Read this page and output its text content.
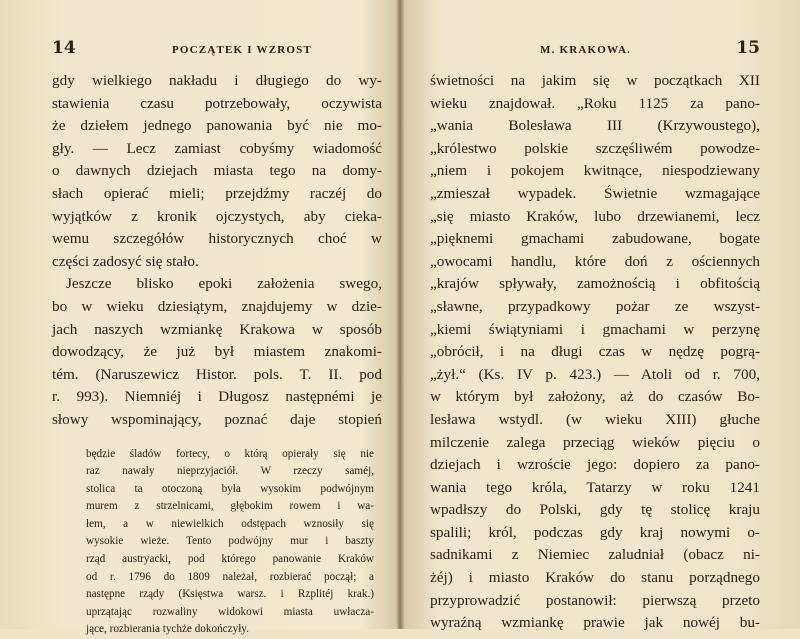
14	POCZĄTEK I WZROST
gdy wielkiego nakładu i długiego do wy-
stawienia czasu potrzebowały, oczywista
że dziełem jednego panowania być nie mo-
gły. — Lecz zamiast cobyśmy wiadomość
o dawnych dziejach miasta tego na domy-
słach opierać mieli; przejdźmy raczéj do
wyjątków z kronik ojczystych, aby cieka-
wemu szczegółów historycznych choć w
części zadosyć się stało.
Jeszcze blisko epoki założenia swego,
bo w wieku dziesiątym, znajdujemy w dzie-
jach naszych wzmiankę Krakowa w sposób
dowodzący, że już był miastem znakomi-
tém. (Naruszewicz Histor. pols. T. II. pod
r. 993). Niemniéj i Długosz następnémi je
słowy wspominający, poznać daje stopień
będzie śladów fortecy, o którą opierały się nie
raz nawały nieprzyjaciół. W rzeczy saméj,
stolica ta otoczoną była wysokim podwójnym
murem z strzelnicami, głębokim rowem i wa-
łem, a w niewielkich odstępach wznosiły się
wysokie wieże. Tento podwójny mur i baszty
rząd austryacki, pod którego panowanie Kraków
od r. 1796 do 1809 należał, rozbierać począł; a
następne rządy (Księstwa warsz. i Rzplitéj krak.)
uprzątając rozwaliny widokowi miasta uwłacza-
jące, rozbierania tychże dokończyły.
M. KRAKOWA.	15
świetności na jakim się w początkach XII
wieku znajdował. „Roku 1125 za pano-
„wania Bolesława III (Krzywoustego),
„królestwo polskie szczęśliwém powodze-
„niem i pokojem kwitnące, niespodziewany
„zmieszał wypadek. Świetnie wzmagające
„się miasto Kraków, lubo drzewianemi, lecz
„pięknemi gmachami zabudowane, bogate
„owocami handlu, które doń z ościennych
„krajów spływały, zamożnością i obfitością
„sławne, przypadkowy pożar ze wszyst-
„kiemi świątyniami i gmachami w perzynę
„obrócił, i na długi czas w nędzę pogrą-
„żył.“ (Ks. IV p. 423.) — Atoli od r. 700,
w którym był założony, aż do czasów Bo-
lesława wstydl. (w wieku XIII) głuche
milczenie zalega przeciąg wieków pięciu o
dziejach i wzroście jego: dopiero za pano-
wania tego króla, Tatarzy w roku 1241
wpadłszy do Polski, gdy tę stolicę kraju
spalili; król, podczas gdy kraj nowymi o-
sadnikami z Niemiec zaludniał (obacz ni-
żéj) i miasto Kraków do stanu porządnego
przyprowadzić postanowił: pierwszą przeto
wyraźną wzmiankę prawie jak nowéj bu-
